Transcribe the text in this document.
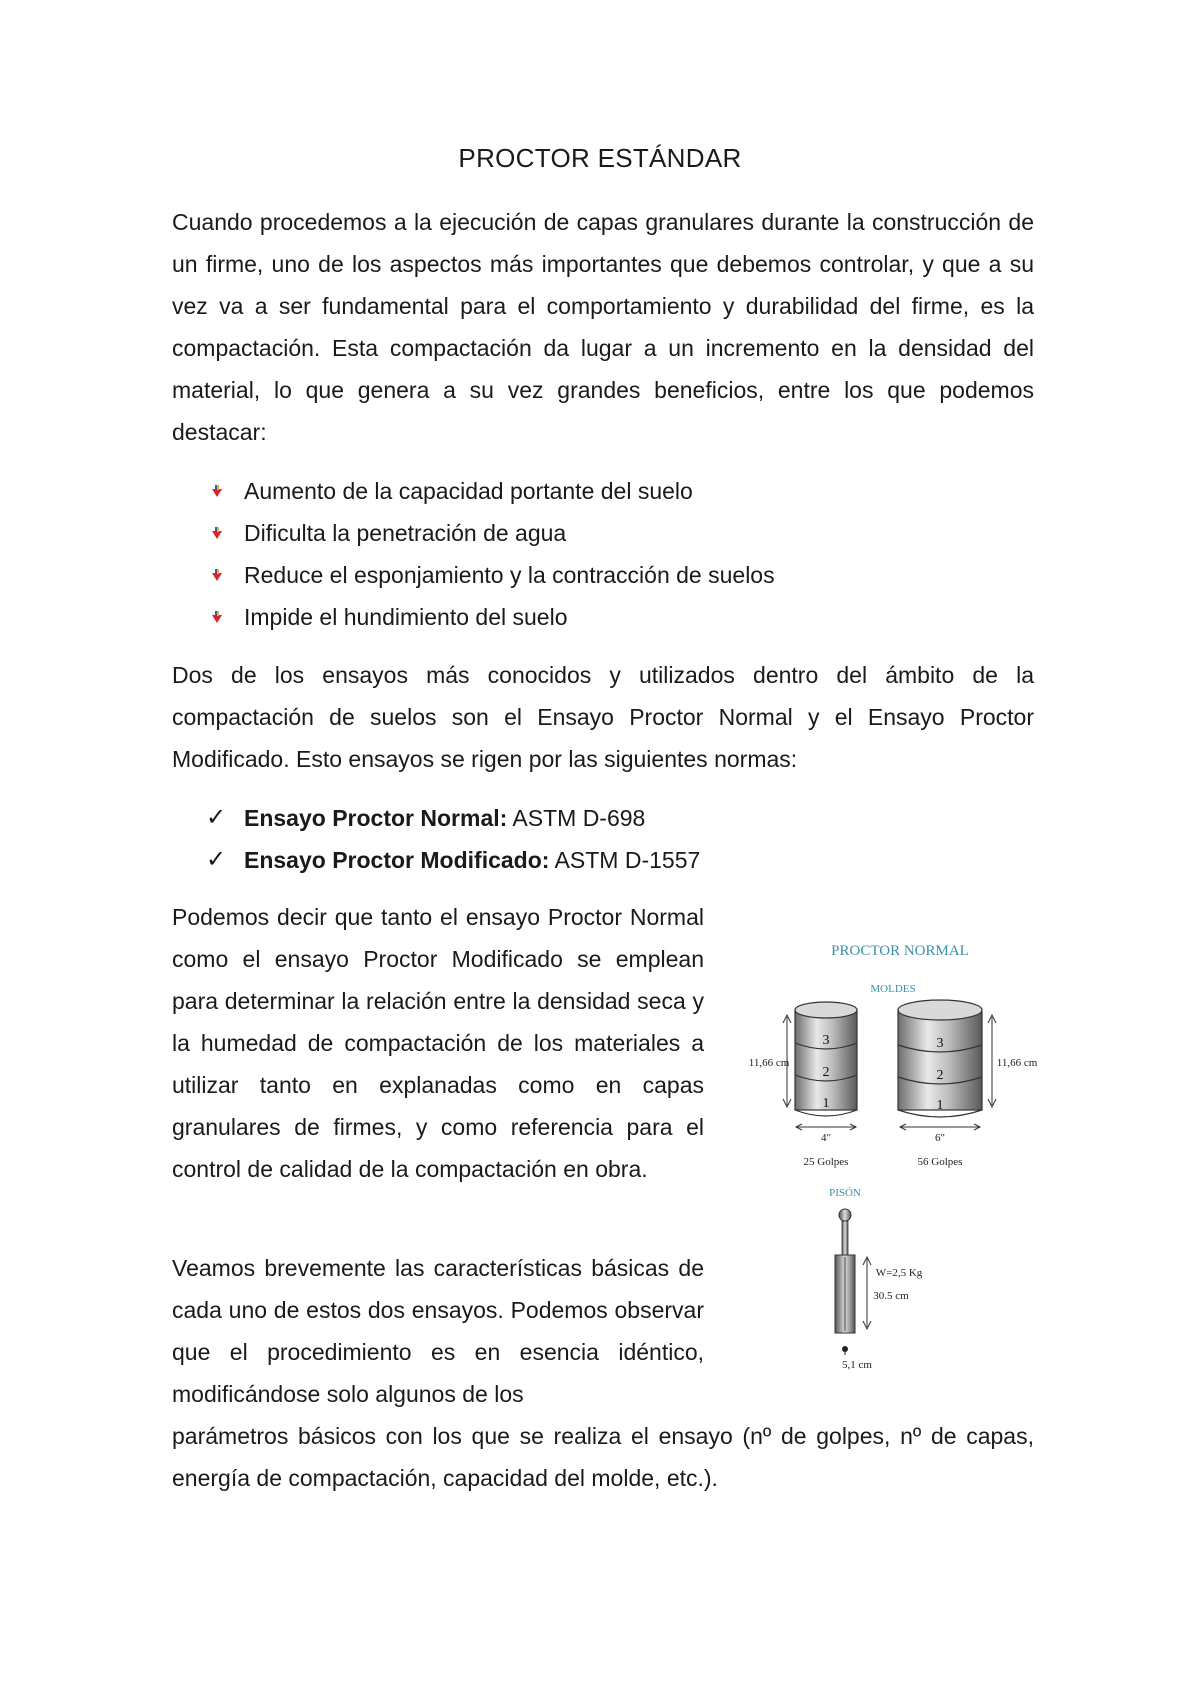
PROCTOR ESTÁNDAR

Cuando procedemos a la ejecución de capas granulares durante la construcción de un firme, uno de los aspectos más importantes que debemos controlar, y que a su vez va a ser fundamental para el comportamiento y durabilidad del firme, es la compactación. Esta compactación da lugar a un incremento en la densidad del material, lo que genera a su vez grandes beneficios, entre los que podemos destacar:

Aumento de la capacidad portante del suelo
Dificulta la penetración de agua
Reduce el esponjamiento y la contracción de suelos
Impide el hundimiento del suelo

Dos de los ensayos más conocidos y utilizados dentro del ámbito de la compactación de suelos son el Ensayo Proctor Normal y el Ensayo Proctor Modificado. Esto ensayos se rigen por las siguientes normas:

✓ Ensayo Proctor Normal: ASTM D-698
✓ Ensayo Proctor Modificado: ASTM D-1557

Podemos decir que tanto el ensayo Proctor Normal como el ensayo Proctor Modificado se emplean para determinar la relación entre la densidad seca y la humedad de compactación de los materiales a utilizar tanto en explanadas como en capas granulares de firmes, y como referencia para el control de calidad de la compactación en obra.

Veamos brevemente las características básicas de cada uno de estos dos ensayos. Podemos observar que el procedimiento es en esencia idéntico, modificándose solo algunos de los

parámetros básicos con los que se realiza el ensayo (nº de golpes, nº de capas, energía de compactación, capacidad del molde, etc.).

PROCTOR NORMAL
MOLDES
3
2
1
3
2
1
11,66 cm	11,66 cm
4"
25 Golpes
6"
56 Golpes
PISÓN
W=2,5 Kg
30.5 cm
5,1 cm
